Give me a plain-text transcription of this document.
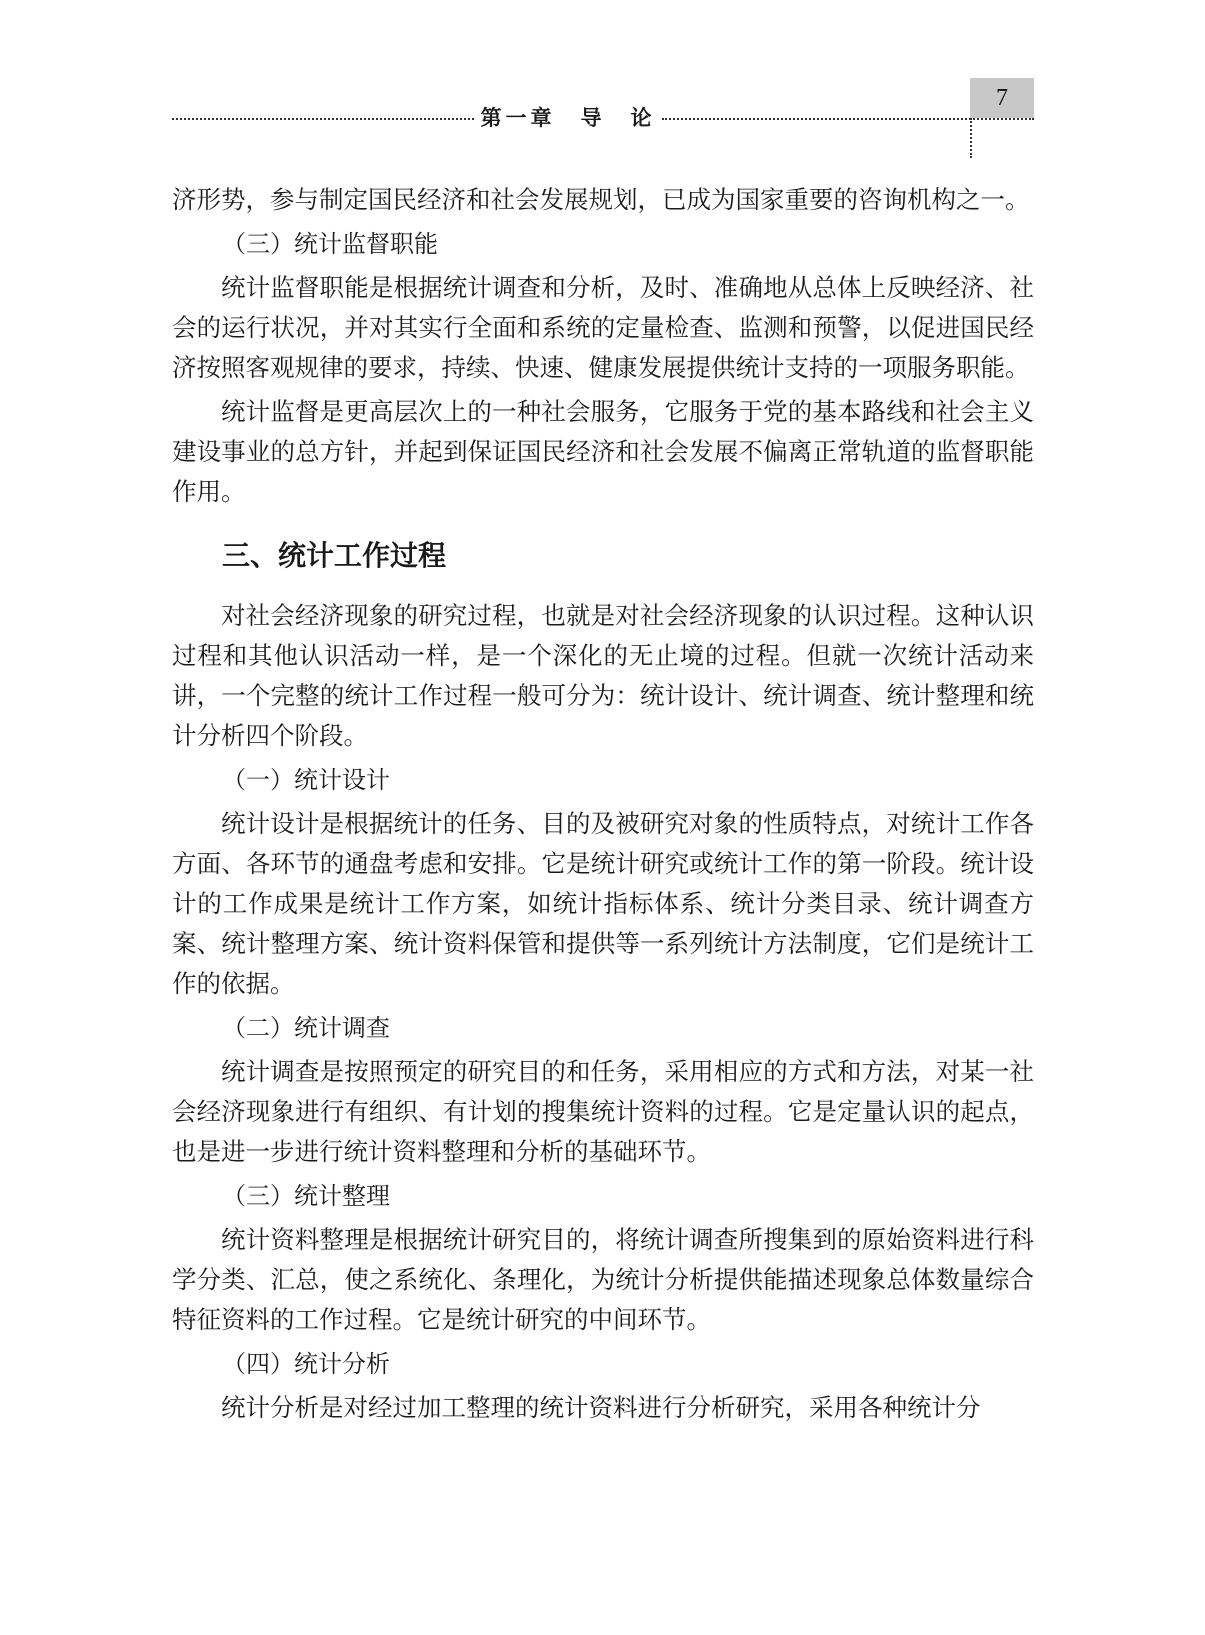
第一章　导　论
7

济形势，参与制定国民经济和社会发展规划，已成为国家重要的咨询机构之一。

（三）统计监督职能

统计监督职能是根据统计调查和分析，及时、准确地从总体上反映经济、社会的运行状况，并对其实行全面和系统的定量检查、监测和预警，以促进国民经济按照客观规律的要求，持续、快速、健康发展提供统计支持的一项服务职能。

统计监督是更高层次上的一种社会服务，它服务于党的基本路线和社会主义建设事业的总方针，并起到保证国民经济和社会发展不偏离正常轨道的监督职能作用。

三、统计工作过程

对社会经济现象的研究过程，也就是对社会经济现象的认识过程。这种认识过程和其他认识活动一样，是一个深化的无止境的过程。但就一次统计活动来讲，一个完整的统计工作过程一般可分为：统计设计、统计调查、统计整理和统计分析四个阶段。

（一）统计设计

统计设计是根据统计的任务、目的及被研究对象的性质特点，对统计工作各方面、各环节的通盘考虑和安排。它是统计研究或统计工作的第一阶段。统计设计的工作成果是统计工作方案，如统计指标体系、统计分类目录、统计调查方案、统计整理方案、统计资料保管和提供等一系列统计方法制度，它们是统计工作的依据。

（二）统计调查

统计调查是按照预定的研究目的和任务，采用相应的方式和方法，对某一社会经济现象进行有组织、有计划的搜集统计资料的过程。它是定量认识的起点，也是进一步进行统计资料整理和分析的基础环节。

（三）统计整理

统计资料整理是根据统计研究目的，将统计调查所搜集到的原始资料进行科学分类、汇总，使之系统化、条理化，为统计分析提供能描述现象总体数量综合特征资料的工作过程。它是统计研究的中间环节。

（四）统计分析

统计分析是对经过加工整理的统计资料进行分析研究，采用各种统计分
